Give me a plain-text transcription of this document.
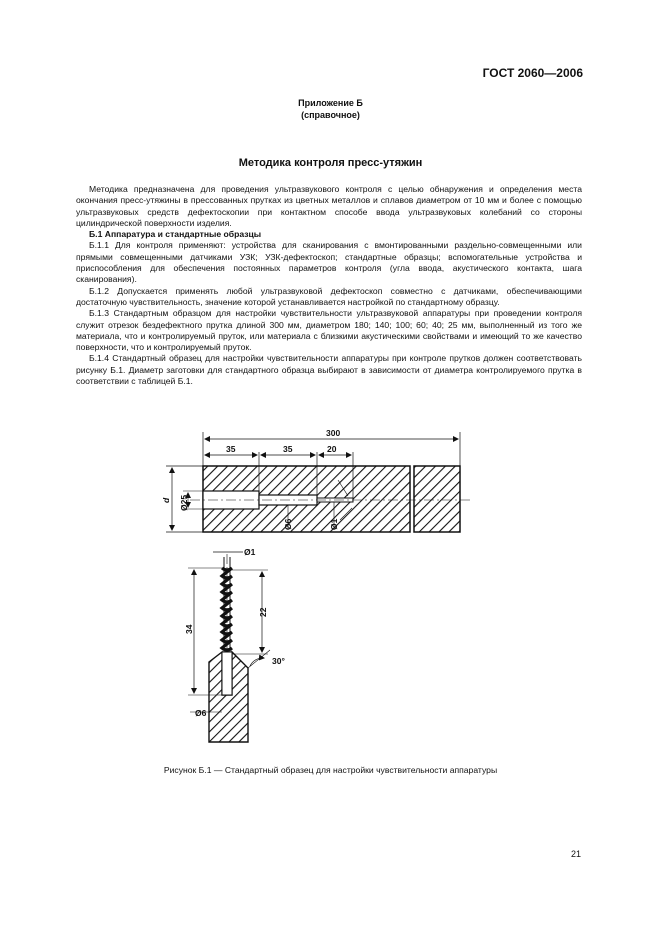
ГОСТ 2060—2006
Приложение Б
(справочное)
Методика контроля пресс-утяжин

Методика предназначена для проведения ультразвукового контроля с целью обнаружения и определения места окончания пресс-утяжины в прессованных прутках из цветных металлов и сплавов диаметром от 10 мм и более с помощью ультразвуковых средств дефектоскопии при контактном способе ввода ультразвуковых колебаний со стороны цилиндрической поверхности изделия.

Б.1 Аппаратура и стандартные образцы

Б.1.1 Для контроля применяют: устройства для сканирования с вмонтированными раздельно-совмещенными или прямыми совмещенными датчиками УЗК; УЗК-дефектоскоп; стандартные образцы; вспомогательные устройства и приспособления для обеспечения постоянных параметров контроля (угла ввода, акустического контакта, шага сканирования).

Б.1.2 Допускается применять любой ультразвуковой дефектоскоп совместно с датчиками, обеспечивающими достаточную чувствительность, значение которой устанавливается настройкой по стандартному образцу.

Б.1.3 Стандартным образцом для настройки чувствительности ультразвуковой аппаратуры при проведении контроля служит отрезок бездефектного прутка длиной 300 мм, диаметром 180; 140; 100; 60; 40; 25 мм, выполненный из того же материала, что и контролируемый пруток, или материала с близкими акустическими свойствами и имеющий то же качество поверхности, что и контролируемый пруток.

Б.1.4 Стандартный образец для настройки чувствительности аппаратуры при контроле прутков должен соответствовать рисунку Б.1. Диаметр заготовки для стандартного образца выбирают в зависимости от диаметра контролируемого прутка в соответствии с таблицей Б.1.

300
35	35	20
d Ø25
Ø6	Ø1
Ø1
22
34
30°
Ø6
Рисунок Б.1 — Стандартный образец для настройки чувствительности аппаратуры
21
